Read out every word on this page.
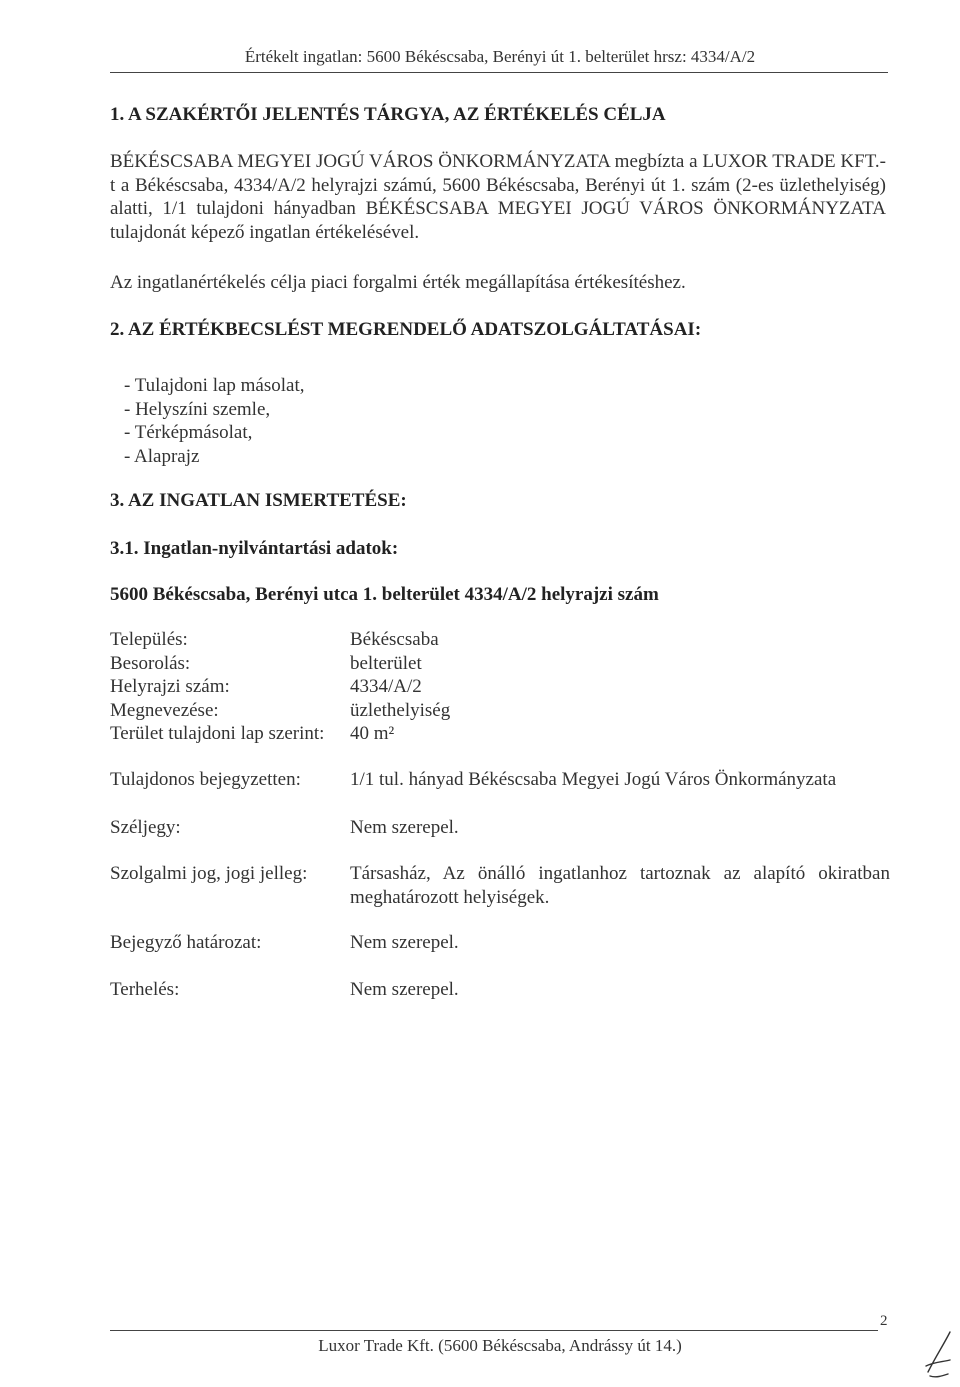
Értékelt ingatlan: 5600 Békéscsaba, Berényi út 1. belterület hrsz: 4334/A/2
1. A SZAKÉRTŐI JELENTÉS TÁRGYA, AZ ÉRTÉKELÉS CÉLJA
BÉKÉSCSABA MEGYEI JOGÚ VÁROS ÖNKORMÁNYZATA megbízta a LUXOR TRADE KFT.-t a Békéscsaba, 4334/A/2 helyrajzi számú, 5600 Békéscsaba, Berényi út 1. szám (2-es üzlethelyiség) alatti, 1/1 tulajdoni hányadban BÉKÉSCSABA MEGYEI JOGÚ VÁROS ÖNKORMÁNYZATA tulajdonát képező ingatlan értékelésével.
Az ingatlanértékelés célja piaci forgalmi érték megállapítása értékesítéshez.
2. AZ ÉRTÉKBECSLÉST MEGRENDELŐ ADATSZOLGÁLTATÁSAI:
- Tulajdoni lap másolat,
- Helyszíni szemle,
- Térképmásolat,
- Alaprajz
3. AZ INGATLAN ISMERTETÉSE:
3.1. Ingatlan-nyilvántartási adatok:
5600 Békéscsaba, Berényi utca 1. belterület 4334/A/2 helyrajzi szám
Település:	Békéscsaba
Besorolás:	belterület
Helyrajzi szám:	4334/A/2
Megnevezése:	üzlethelyiség
Terület tulajdoni lap szerint:	40 m²
Tulajdonos bejegyzetten:	1/1 tul. hányad Békéscsaba Megyei Jogú Város Önkormányzata
Széljegy:	Nem szerepel.
Szolgalmi jog, jogi jelleg:	Társasház, Az önálló ingatlanhoz tartoznak az alapító okiratban meghatározott helyiségek.
Bejegyző határozat:	Nem szerepel.
Terhelés:	Nem szerepel.
2
Luxor Trade Kft. (5600 Békéscsaba, Andrássy út 14.)
